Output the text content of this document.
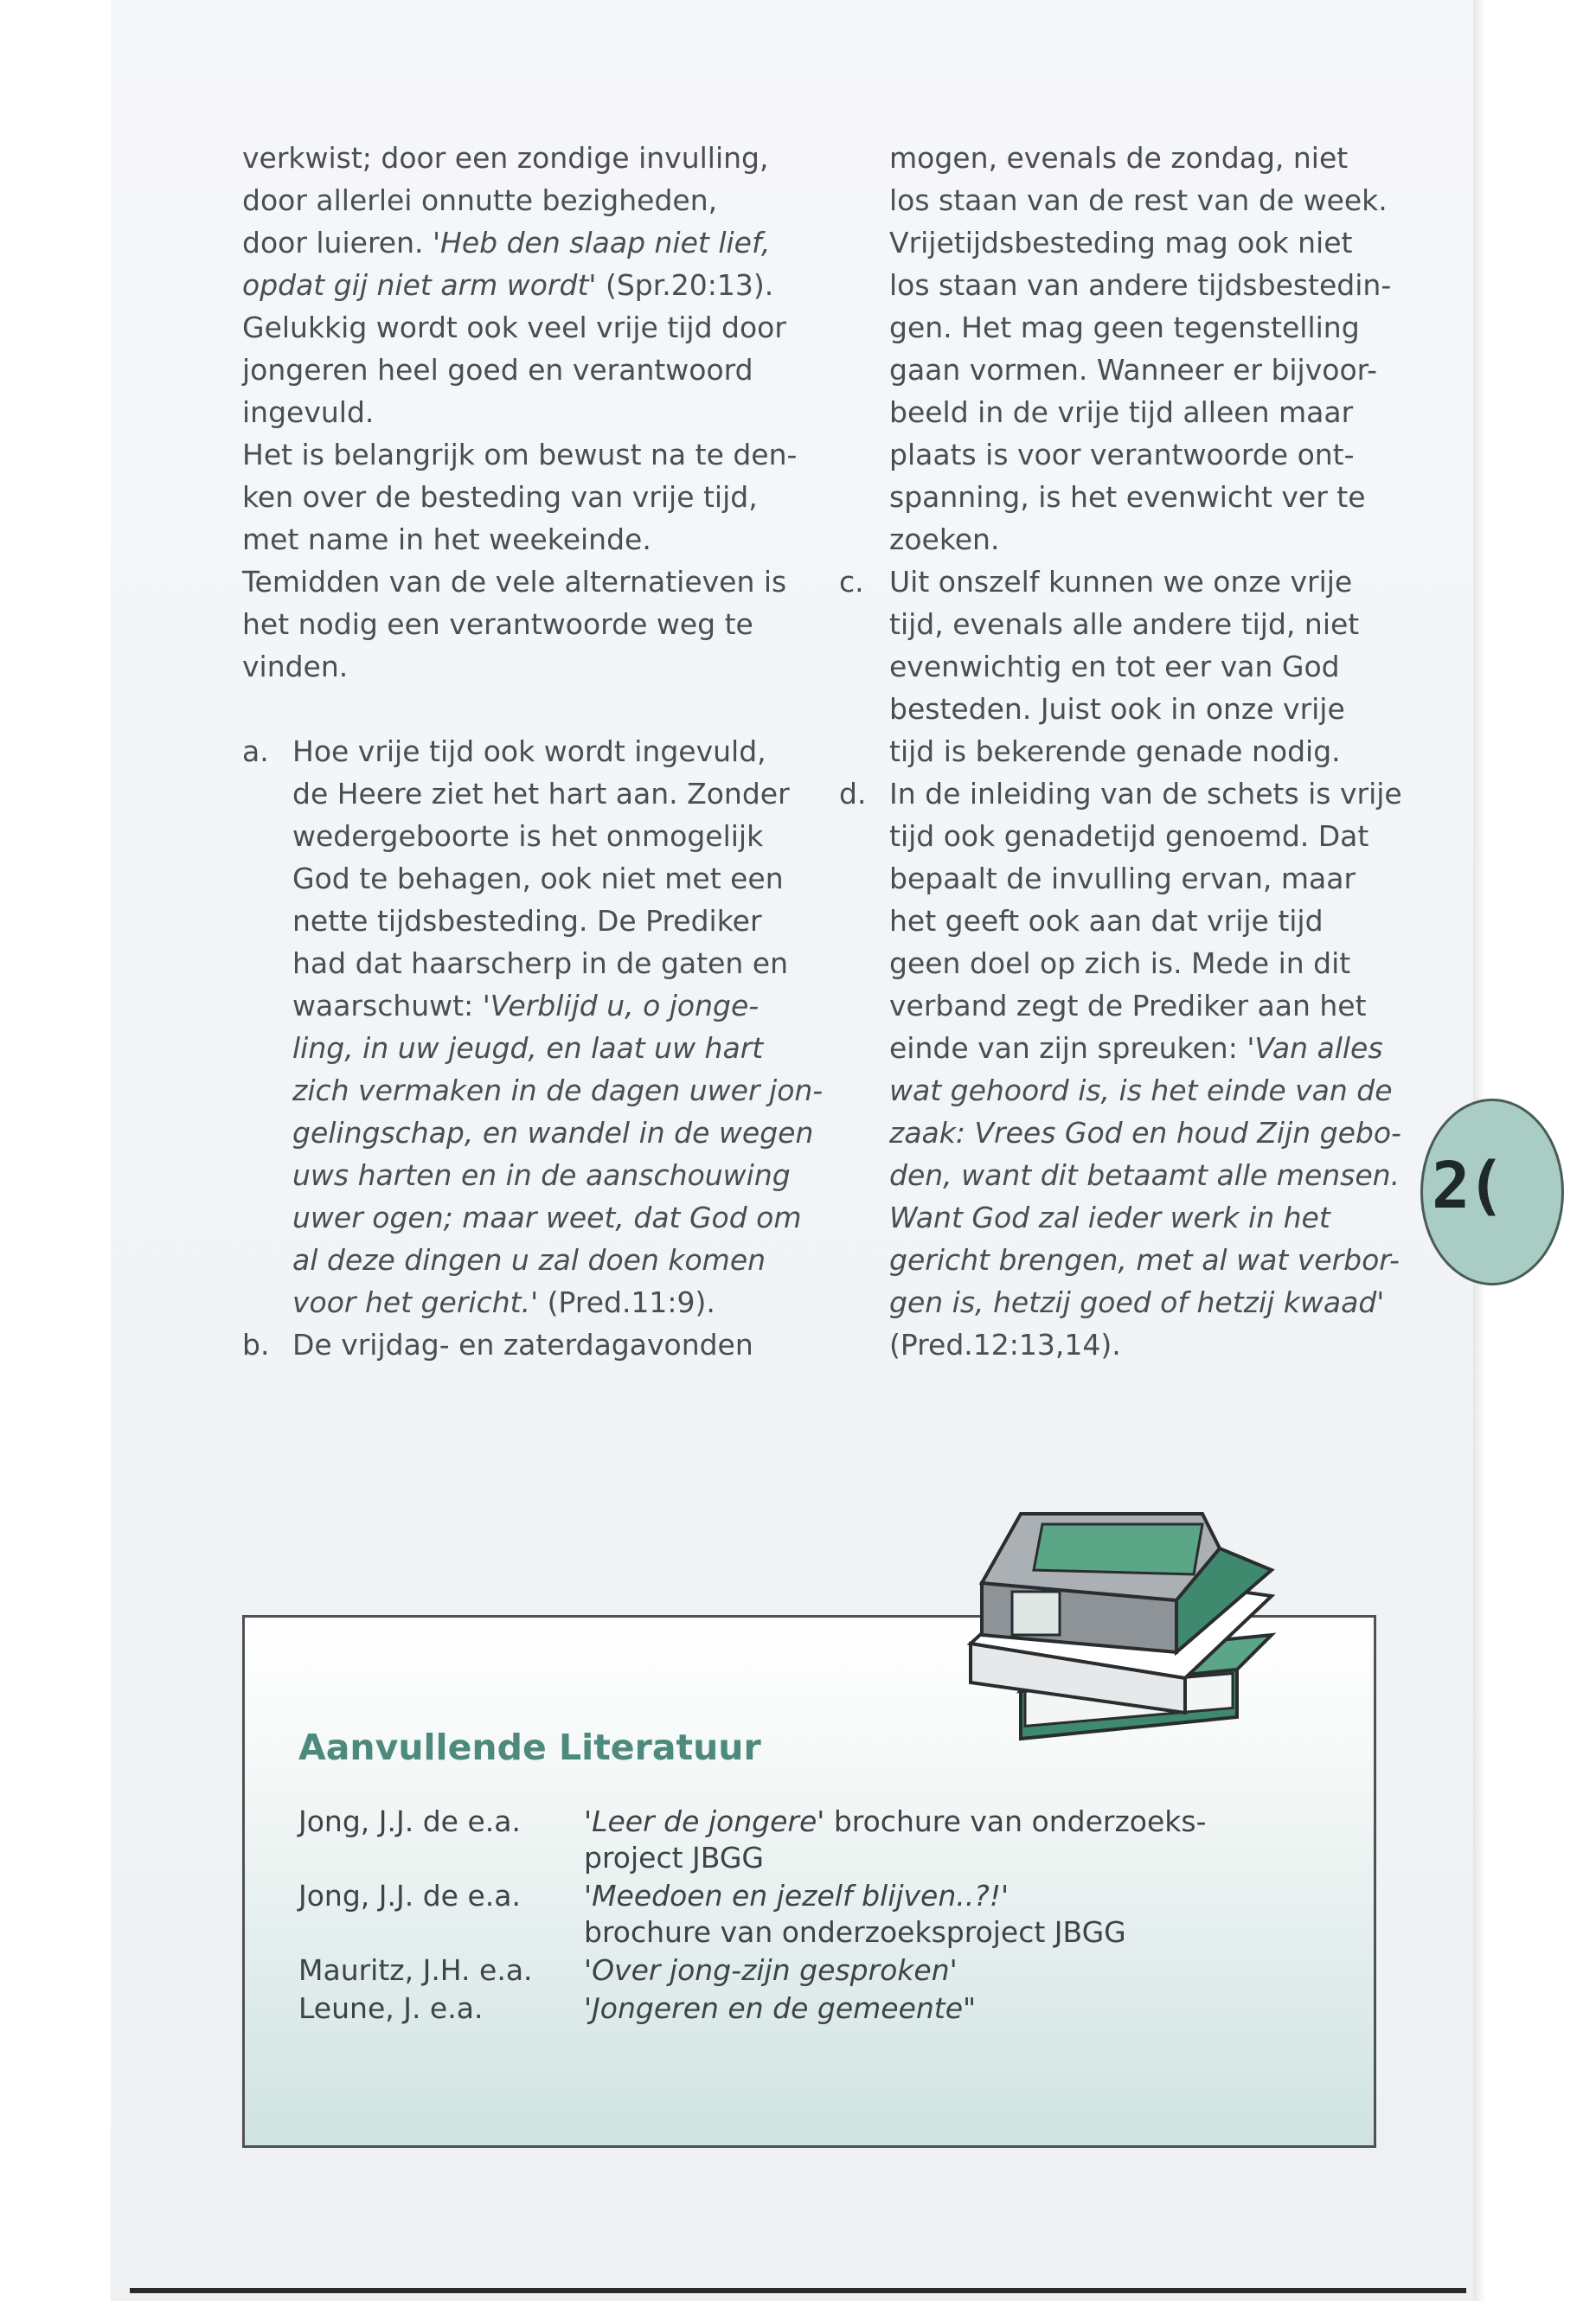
verkwist; door een zondige invulling,

door allerlei onnutte bezigheden,

door luieren. 'Heb den slaap niet lief,

opdat gij niet arm wordt' (Spr.20:13).

Gelukkig wordt ook veel vrije tijd door

jongeren heel goed en verantwoord

ingevuld.

Het is belangrijk om bewust na te den-

ken over de besteding van vrije tijd,

met name in het weekeinde.

Temidden van de vele alternatieven is

het nodig een verantwoorde weg te

vinden.

a. Hoe vrije tijd ook wordt ingevuld,

de Heere ziet het hart aan. Zonder

wedergeboorte is het onmogelijk

God te behagen, ook niet met een

nette tijdsbesteding. De Prediker

had dat haarscherp in de gaten en

waarschuwt: 'Verblijd u, o jonge-

ling, in uw jeugd, en laat uw hart

zich vermaken in de dagen uwer jon-

gelingschap, en wandel in de wegen

uws harten en in de aanschouwing

uwer ogen; maar weet, dat God om

al deze dingen u zal doen komen

voor het gericht.' (Pred.11:9).

b. De vrijdag- en zaterdagavonden

mogen, evenals de zondag, niet

los staan van de rest van de week.

Vrijetijdsbesteding mag ook niet

los staan van andere tijdsbestedin-

gen. Het mag geen tegenstelling

gaan vormen. Wanneer er bijvoor-

beeld in de vrije tijd alleen maar

plaats is voor verantwoorde ont-

spanning, is het evenwicht ver te

zoeken.

c. Uit onszelf kunnen we onze vrije

tijd, evenals alle andere tijd, niet

evenwichtig en tot eer van God

besteden. Juist ook in onze vrije

tijd is bekerende genade nodig.

d. In de inleiding van de schets is vrije

tijd ook genadetijd genoemd. Dat

bepaalt de invulling ervan, maar

het geeft ook aan dat vrije tijd

geen doel op zich is. Mede in dit

verband zegt de Prediker aan het

einde van zijn spreuken: 'Van alles

wat gehoord is, is het einde van de

zaak: Vrees God en houd Zijn gebo-

den, want dit betaamt alle mensen.

Want God zal ieder werk in het

gericht brengen, met al wat verbor-

gen is, hetzij goed of hetzij kwaad'

(Pred.12:13,14).

2(
Aanvullende Literatuur
Jong, J.J. de e.a. 'Leer de jongere' brochure van onderzoeks-
project JBGG
Jong, J.J. de e.a. 'Meedoen en jezelf blijven..?!'
brochure van onderzoeksproject JBGG
Mauritz, J.H. e.a. 'Over jong-zijn gesproken'
Leune, J. e.a.	'Jongeren en de gemeente"
